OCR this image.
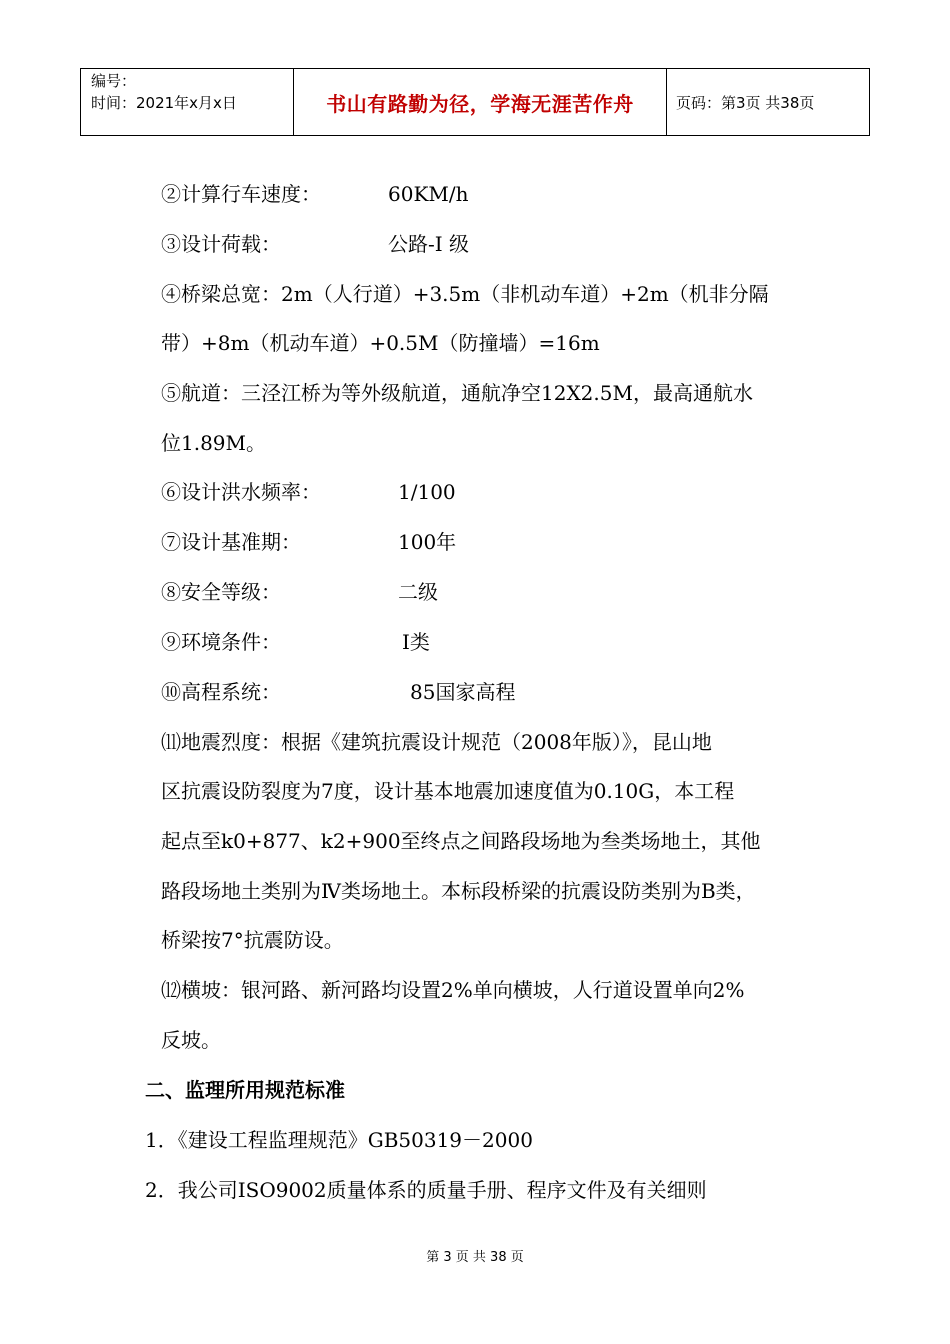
编号：
时间：2021年x月x日	书山有路勤为径，学海无涯苦作舟	页码：第3页 共38页
②计算行车速度：	60KM/h
③设计荷载：	公路-Ⅰ 级
④桥梁总宽：2m（人行道）+3.5m（非机动车道）+2m（机非分隔
带）+8m（机动车道）+0.5M（防撞墙）=16m
⑤航道：三泾江桥为等外级航道，通航净空12X2.5M，最高通航水
位1.89M。
⑥设计洪水频率：	1/100
⑦设计基准期：	100年
⑧安全等级：	二级
⑨环境条件：	Ⅰ类
⑩高程系统：	85国家高程
⑾地震烈度：根据《建筑抗震设计规范（2008年版）》，昆山地
区抗震设防裂度为7度，设计基本地震加速度值为0.10G，本工程
起点至k0+877、k2+900至终点之间路段场地为叁类场地土，其他
路段场地土类别为Ⅳ类场地土。本标段桥梁的抗震设防类别为B类，
桥梁按7°抗震防设。
⑿横坡：银河路、新河路均设置2%单向横坡，人行道设置单向2%
反坡。
二、监理所用规范标准
1．《建设工程监理规范》GB50319－2000
2．我公司ISO9002质量体系的质量手册、程序文件及有关细则
第 3 页 共 38 页
